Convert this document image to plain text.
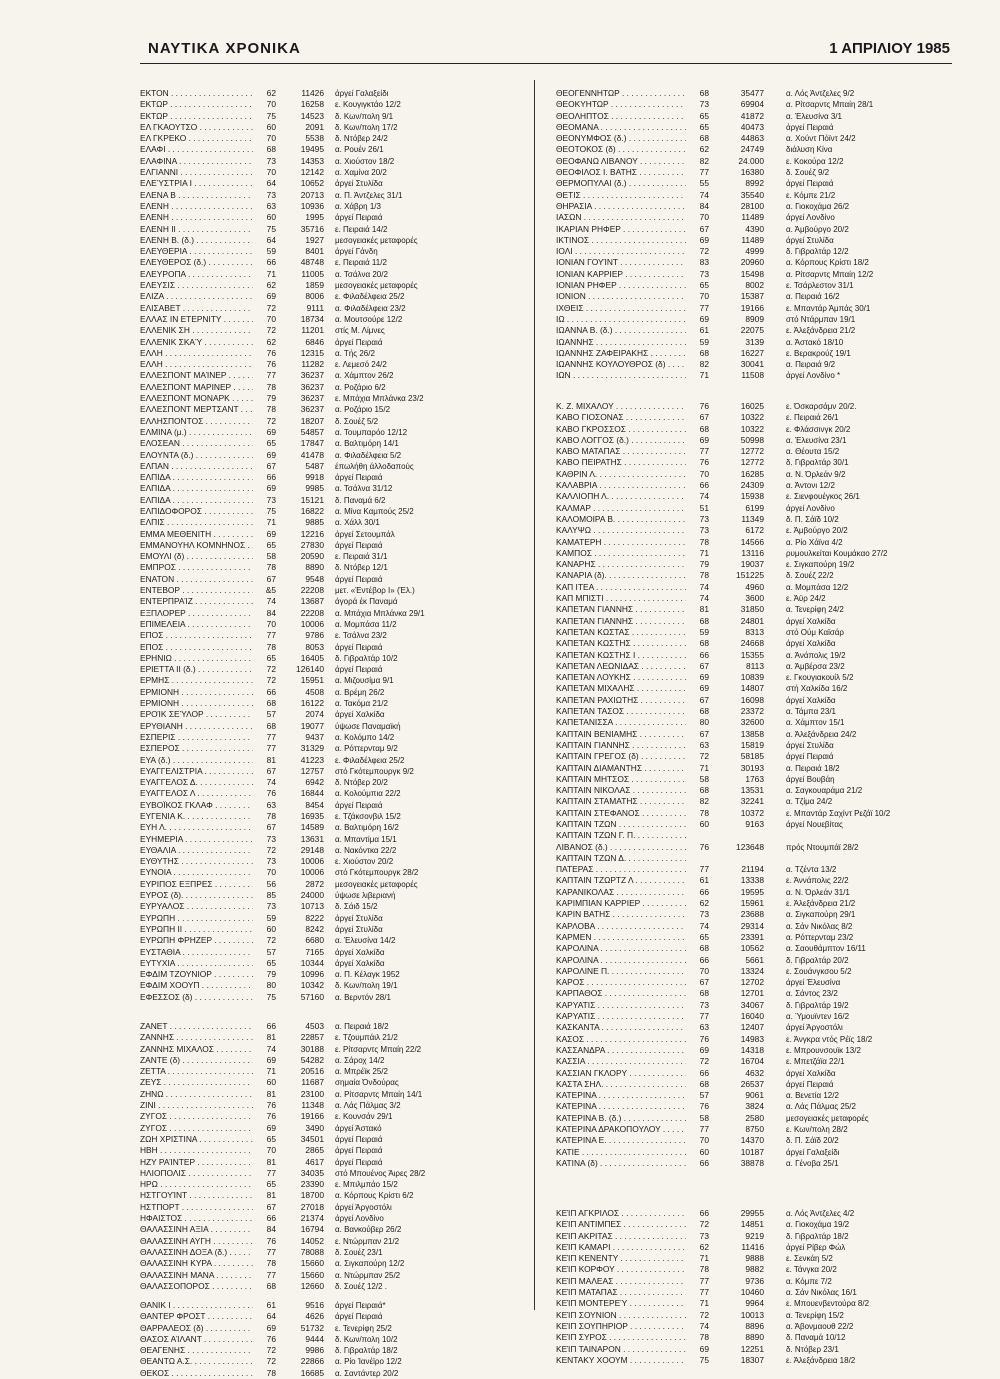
ΝΑΥΤΙΚΑ ΧΡΟΝΙΚΑ	1 ΑΠΡΙΛΙΟΥ 1985
ΕΚΤΟΝ . . .	62	11426 άργεί Γαλαξείδι
ΕΚΤΩΡ . . .	70	16258 ε. Κουγιγκτάο 12/2
ΕΚΤΩΡ . . .	75	14523 δ. Κων/πολη 9/1
ΕΛ ΓΚΑΟΥΤΣΟ . . .	60	2091 δ. Κων/πολη 17/2
ΕΛ ΓΚΡΕΚΟ . . .	70	5538 δ. Ντόβερ 24/2
ΕΛΑΦΙ . . .	68	19495 α. Ρουέν 26/1
ΕΛΑΦΙΝΑ . . .	73	14353 α. Χιούστον 18/2
ΕΛΓΙΑΝΝΙ . . .	70	12142 α. Χαμίνα 20/2
ΕΛΕΎΣΤΡΙΑ Ι . . .	64	10652 άργεί Στυλίδα
ΕΛΕΝΑ Β . . .	73	20713 α. Π. Άντζελες 31/1
ΕΛΕΝΗ . . .	63	10936 α. Χάβρη 1/3
ΕΛΕΝΗ . . .	60	1995 άργεί Πειραιά
ΕΛΕΝΗ ΙΙ . . .	75	35716 ε. Πειραιά 14/2
ΕΛΕΝΗ Β. (δ.) . . .	64	1927 μεσογειακές μεταφορές
ΕΛΕΥΘΕΡΙΑ . . .	59	8401 άργεί Γάνδη
ΕΛΕΥΘΕΡΟΣ (δ.) . . .	66	48748 ε. Πειραιά 11/2
ΕΛΕΥΡΟΠΑ . . .	71	11005 α. Τσάλνα 20/2
ΕΛΕΥΣΙΣ . . .	62	1859 μεσογειακές μεταφορές
ΕΛΙΖΑ . . .	69	8006 ε. Φιλαδέλφεια 25/2
ΕΛΙΣΑΒΕΤ . . .	72	9111 α. Φιλαδέλφεια 23/2
ΕΛΛΑΣ ΙΝ ΕΤΕΡΝΙΤΥ . . .	70	18734 α. Μουτσούρε 12/2
ΕΛΛΕΝΙΚ ΣΗ . . .	72	11201 στίς Μ. Λίμνες
ΕΛΛΕΝΙΚ ΣΚΑΎ . . .	62	6846 άργεί Πειραιά
ΕΛΛΗ . . .	76	12315 α. Τής 26/2
ΕΛΛΗ . . .	76	11282 ε. Λεμεσό 24/2
ΕΛΛΕΣΠΟΝΤ ΜΑΊΝΕΡ . . .	77	36237 α. Χάμπτον 26/2
ΕΛΛΕΣΠΟΝΤ ΜΑΡΙΝΕΡ . . .	78	36237 α. Ροζάριο 6/2
ΕΛΛΕΣΠΟΝΤ ΜΟΝΑΡΚ . . .	79	36237 ε. Μπάχια Μπλάνκα 23/2
ΕΛΛΕΣΠΟΝΤ ΜΕΡΤΣΑΝΤ . . .	78	36237 α. Ροζάριο 15/2
ΕΛΛΗΣΠΟΝΤΟΣ . . .	72	18207 δ. Σουέζ 5/2
ΕΛΜΙΝΑ (μ.) . . .	69	54857 α. Τουμπαρόο 12/12
ΕΛΟΣΕΑΝ . . .	65	17847 α. Βαλτιμόρη 14/1
ΕΛΟΥΝΤΑ (δ.) . . .	69	41478 α. Φιλαδέλφεια 5/2
ΕΛΠΑΝ . . .	67	5487 έπωλήθη άλλοδαπούς
ΕΛΠΙΔΑ . . .	66	9918 άργεί Πειραιά
ΕΛΠΙΔΑ . . .	69	9985 α. Τσάλνα 31/12
ΕΛΠΙΔΑ . . .	73	15121 δ. Παναμά 6/2
ΕΛΠΙΔΟΦΟΡΟΣ . . .	75	16822 α. Μίνα Καμπούς 25/2
ΕΛΠΙΣ . . .	71	9885 α. Χάλλ 30/1
ΕΜΜΑ ΜΕΘΕΝΙΤΗ . . .	69	12216 άργεί Σετουμπάλ
ΕΜΜΑΝΟΥΗΛ ΚΟΜΝΗΝΟΣ . . .	65	27830 άργεί Πειραιά
ΕΜΟΥΛΙ (δ) . . .	58	20590 ε. Πειραιά 31/1
ΕΜΠΡΟΣ . . .	78	8890 δ. Ντόβερ 12/1
ΕΝΑΤΟΝ . . .	67	9548 άργεί Πειραιά
ΕΝΤΕΒΟΡ . . .	&5	22208 μετ. «Έντέβορ Ι» (Έλ.)
ΕΝΤΕΡΠΡΑΊΖ . . .	74	13687 άγορά έκ Παναμά
ΕΞΠΛΟΡΕΡ . . .	84	22208 α. Μπάχια Μπλάνκα 29/1
ΕΠΙΜΕΛΕΙΑ . . .	70	10006 α. Μομπάσα 11/2
ΕΠΟΣ . . .	77	9786 ε. Τσάλνα 23/2
ΕΠΟΣ . . .	78	8053 άργεί Πειραιά
ΕΡΗΝΙΩ . . .	65	16405 δ. Γιβραλτάρ 10/2
ΕΡΙΕΤΤΑ ΙΙ (δ.) . . .	72	126140 άργεί Πειραιά
ΕΡΜΗΣ . . .	72	15951 α. Μιζουσίμα 9/1
ΕΡΜΙΟΝΗ . . .	66	4508 α. Βρέμη 26/2
ΕΡΜΙΟΝΗ . . .	68	16122 α. Τακόμα 21/2
ΕΡΟΊΚ ΣΕΎΛΟΡ . . .	57	2074 άργεί Χαλκίδα
ΕΡΥΘΙΑΝΗ . . .	68	19077 ύψωσε Παναμαϊκή
ΕΣΠΕΡΙΣ . . .	77	9437 α. Κολόμπο 14/2
ΕΣΠΕΡΟΣ . . .	77	31329 α. Ρόττερνταμ 9/2
ΕΥΑ (δ.) . . .	81	41223 ε. Φιλαδέλφεια 25/2
ΕΥΑΓΓΕΛΙΣΤΡΙΑ . . .	67	12757 στό Γκότεμπουργκ 9/2
ΕΥΑΓΓΕΛΟΣ Δ. . . .	74	6942 δ. Ντόβερ 20/2
ΕΥΑΓΓΕΛΟΣ Λ . . .	76	16844 α. Κολούμπια 22/2
ΕΥΒΟΪΚΟΣ ΓΚΛΑΦ . . .	63	8454 άργεί Πειραιά
ΕΥΓΕΝΙΑ Κ. . . .	78	16935 ε. Τζάκσονβιλ 15/2
ΕΥΗ Λ. . . .	67	14589 α. Βαλτιμόρη 16/2
ΕΥΗΜΕΡΙΑ . . .	73	13631 α. Μπαντίμα 15/1
ΕΥΘΑΛΙΑ . . .	72	29148 α. Νακόντκα 22/2
ΕΥΘΥΤΗΣ . . .	73	10006 ε. Χιούστον 20/2
ΕΥΝΟΙΑ . . .	70	10006 στό Γκότεμπουργκ 28/2
ΕΥΡΙΠΟΣ ΕΞΠΡΕΣ . . .	56	2872 μεσογειακές μεταφορές
ΕΥΡΟΣ (δ). . . .	85	24000 ύψωσε λιβεριανή
ΕΥΡΥΑΛΟΣ . . .	73	10713 δ. Σάιδ 15/2
ΕΥΡΩΠΗ . . .	59	8222 άργεί Στυλίδα
ΕΥΡΩΠΗ ΙΙ . . .	60	8242 άργεί Στυλίδα
ΕΥΡΩΠΗ ΦΡΗΖΕΡ . . .	72	6680 α. Έλευσίνα 14/2
ΕΥΣΤΑΘΙΑ . . .	57	7165 άργεί Χαλκίδα
ΕΥΤΥΧΙΑ . . .	65	10344 άργεί Χαλκίδα
ΕΦΔΙΜ ΤΖΟΥΝΙΟΡ . . .	79	10996 α. Π. Κέλαγκ 1952
ΕΦΔΙΜ ΧΟΟΥΠ . . .	80	10342 δ. Κων/πολη 19/1
ΕΦΕΣΣΟΣ (δ) . . .	75	57160 α. Βερντόν 28/1
ΖΑΝΕΤ . . .	66	4503 α. Πειραιά 18/2
ΖΑΝΝΗΣ . . .	81	22857 ε. Τζουμπάιλ 21/2
ΖΑΝΝΗΣ ΜΙΧΑΛΟΣ . . .	74	30188 ε. Ρίτσαρντς Μπαίη 22/2
ΖΑΝΤΕ (δ) . . .	69	54282 α. Σάροχ 14/2
ΖΕΤΤΑ . . .	71	20516 α. Μπρέϊκ 25/2
ΖΕΥΣ . . .	60	11687 σημαία Όνδούρας
ΖΗΝΩ . . .	81	23100 α. Ρίτσαρντς Μπαίη 14/1
ΖΙΝΙ . . .	76	11348 α. Λάς Πάλμας 3/2
ΖΥΓΟΣ . . .	76	19166 ε. Κουνσάν 29/1
ΖΥΓΟΣ . . .	69	3490 άργεί Άστακό
ΖΩΗ ΧΡΙΣΤΙΝΑ . . .	65	34501 άργεί Πειραιά
ΗΒΗ . . .	70	2865 άργεί Πειραιά
ΗΖΥ ΡΑΊΝΤΕΡ . . .	81	4617 άργεί Πειραιά
ΗΛΙΟΠΟΛΙΣ . . .	77	34035 στό Μπουένος Άιρες 28/2
ΗΡΩ . . .	65	23390 ε. Μπιλμπάο 15/2
ΗΣΤΓΟΥΊΝΤ . . .	81	18700 α. Κόρπους Κρίστι 6/2
ΗΣΤΠΟΡΤ . . .	67	27018 άργεί Άργοστόλι
ΗΦΑΙΣΤΟΣ . . .	66	21374 άργεί Λονδίνο
ΘΑΛΑΣΣΙΝΗ ΑΞΙΑ . . .	84	16794 α. Βανκούβερ 26/2
ΘΑΛΑΣΣΙΝΗ ΑΥΓΗ . . .	76	14052 ε. Ντώρμπαν 21/2
ΘΑΛΑΣΣΙΝΗ ΔΟΞΑ (δ.) . . .	77	78088 δ. Σουέζ 23/1
ΘΑΛΑΣΣΙΝΗ ΚΥΡΑ . . .	78	15660 α. Σιγκαπούρη 12/2
ΘΑΛΑΣΣΙΝΗ ΜΑΝΑ . . .	77	15660 α. Ντώρμπαν 25/2
ΘΑΛΑΣΣΟΠΟΡΟΣ . . .	68	12660 δ. Σουέζ 12/2 .
ΘΑΝΙΚ Ι . . .	61	9516 άργεί Πειραιά*
ΘΑΝΤΕΡ ΦΡΟΣΤ . . .	64	4626 άργεί Πειραιά
ΘΑΡΡΑΛΕΟΣ (δ) . . .	69	51732 ε. Τενερίφη 25/2
ΘΑΣΟΣ ΑΊΛΑΝΤ . . .	76	9444 δ. Κων/πολη 10/2
ΘΕΑΓΕΝΗΣ . . .	72	9986 δ. Γιβραλτάρ 18/2
ΘΕΑΝΤΩ Α.Σ. . . .	72	22866 α. Ρίο Ίανέϊρο 12/2
ΘΕΚΟΣ . . .	78	16685 α. Σαντάντερ 20/2
ΘΕΟΓΕΝΝΗΤΩΡ . . .	68	35477	α. Λός Άντζελες 9/2
ΘΕΟΚΥΗΤΩΡ . . .	73	69904	α. Ρίτσαρντς Μπαίη 28/1
ΘΕΟΛΗΠΤΟΣ . . .	65	41872	α. Έλευσίνα 3/1
ΘΕΟΜΑΝΑ . . .	65	40473	άργεί Πειραιά
ΘΕΟΝΥΜΦΟΣ (δ.) . . .	68	44863	α. Χούντ Πόϊντ 24/2
ΘΕΟΤΟΚΟΣ (δ) . . .	62	24749	διάλυση Κίνα
ΘΕΟΦΑΝΩ ΛΙΒΑΝΟΥ . . .	82	24.000	ε. Κοκούρα 12/2
ΘΕΟΦΙΛΟΣ Ι. ΒΑΤΗΣ . . .	77	16380	δ. Σουέζ 9/2
ΘΕΡΜΟΠΥΛΑΙ (δ.) . . .	55	8992	άργεί Πειραιά
ΘΕΤΙΣ . . .	74	35540	ε. Κόμπε 21/2
ΘΗΡΑΣΙΑ . . .	84	28100	α. Γιοκοχάμα 26/2
ΙΑΣΩΝ . . .	70	11489	άργεί Λονδίνο
ΙΚΑΡΙΑΝ ΡΗΦΕΡ . . .	67	4390	α. Άμβούργο 20/2
ΙΚΤΙΝΟΣ . . .	69	11489	άργεί Στυλίδα
ΙΟΛΙ . . .	72	4999	δ. Γιβραλτάρ 12/2
ΙΟΝΙΑΝ ΓΟΥΊΝΤ . . .	83	20960	α. Κόρπους Κρίστι 18/2
ΙΟΝΙΑΝ ΚΑΡΡΙΕΡ . . .	73	15498	α. Ρίτσαρντς Μπαίη 12/2
ΙΟΝΙΑΝ ΡΗΦΕΡ . . .	65	8002	ε. Τσάρλεστον 31/1
ΙΟΝΙΟΝ . . .	70	15387	α. Πειραιά 16/2
ΙΧΘΕΙΣ . . .	77	19166	ε. Μπαντάρ Άμπάς 30/1
ΙΩ . . .	69	8909	στό Ντάρμπαν 19/1
ΙΩΑΝΝΑ Β. (δ.) . . .	61	22075	ε. Άλεξάνδρεια 21/2
ΙΩΑΝΝΗΣ . . .	59	3139	α. Άστακό 18/10
ΙΩΑΝΝΗΣ ΖΑΦΕΙΡΑΚΗΣ . . .	68	16227	ε. Βερακρούζ 19/1
ΙΩΑΝΝΗΣ ΚΟΥΛΟΥΘΡΟΣ (δ) . . .	82	30041	α. Πειραιά 9/2
ΙΩΝ . . .	71	11508	άργεί Λονδίνο *
Κ. Ζ. ΜΙΧΑΛΟΥ . . .	76	16025	ε. Όσκαρσάμν 20/2.
ΚΑΒΟ ΓΙΟΣΟΝΑΣ . . .	67	10322	ε. Πειραιά 26/1
ΚΑΒΟ ΓΚΡΟΣΣΟΣ . . .	68	10322	ε. Φλάσσινγκ 20/2
ΚΑΒΟ ΛΟΓΓΟΣ (δ.) . . .	69	50998	α. Έλευσίνα 23/1
ΚΑΒΟ ΜΑΤΑΠΑΣ . . .	77	12772	α. Θέουτα 15/2
ΚΑΒΟ ΠΕΙΡΑΤΗΣ . . .	76	12772	δ. Γιβραλτάρ 30/1
ΚΑΘΡΙΝ Λ. . . .	70	16285	α. Ν. Όρλεάν 9/2
ΚΑΛΑΒΡΙΑ . . .	66	24309	α. Άντονι 12/2
ΚΑΛΛΙΟΠΗ Λ. . . .	74	15938	ε. Σιενφουέγκος 26/1
ΚΑΛΜΑΡ . . .	51	6199	άργεί Λονδίνο
ΚΑΛΟΜΟΙΡΑ Β. . . .	73	11349	δ. Π. Σάϊδ 10/2
ΚΑΛΥΨΩ . . .	73	6172	ε. Άμβούργο 20/2
ΚΑΜΑΤΕΡΗ . . .	78	14566	α. Ρίο Χάϊνα 4/2
ΚΑΜΠΟΣ . . .	71	13116	ρυμουλκείται Κουμάκαο 27/2
ΚΑΝΑΡΗΣ . . .	79	19037	ε. Σιγκαπούρη 19/2
ΚΑΝΑΡΙΑ (δ). . . .	78	151225	δ. Σουέζ 22/2
ΚΑΠ ΙΤΕΑ . . .	74	4960	α. Μομπάσα 12/2
ΚΑΠ ΜΠΙΣΤΙ . . .	74	3600	ε. Άϋρ 24/2
ΚΑΠΕΤΑΝ ΓΙΑΝΝΗΣ . . .	81	31850	α. Τενερίφη 24/2
ΚΑΠΕΤΑΝ ΓΙΑΝΝΗΣ . . .	68	24801	άργεί Χαλκίδα
ΚΑΠΕΤΑΝ ΚΩΣΤΑΣ . . .	59	8313	στό Ούμ Καϊσάρ
ΚΑΠΕΤΑΝ ΚΩΣΤΗΣ . . .	68	24668	άργεί Χαλκίδα
ΚΑΠΕΤΑΝ ΚΩΣΤΗΣ Ι . . .	66	15355	α. Άνάπολις 19/2
ΚΑΠΕΤΑΝ ΛΕΩΝΙΔΑΣ . . .	67	8113	α. Άμβέρσα 23/2
ΚΑΠΕΤΑΝ ΛΟΥΚΗΣ . . .	69	10839	ε. Γκουγιακουίλ 5/2
ΚΑΠΕΤΑΝ ΜΙΧΑΛΗΣ . . .	69	14807	στή Χαλκίδα 16/2
ΚΑΠΕΤΑΝ ΡΑΧΙΩΤΗΣ . . .	67	16098	άργεί Χαλκίδα
ΚΑΠΕΤΑΝ ΤΑΣΟΣ . . .	68	23372	α. Τάμπα 23/1
ΚΑΠΕΤΑΝΙΣΣΑ . . .	80	32600	α. Χάμπτον 15/1
ΚΑΠΤΑΙΝ ΒΕΝΙΑΜΗΣ . . .	67	13858	α. Άλεξάνδρεια 24/2
ΚΑΠΤΑΙΝ ΓΙΑΝΝΗΣ . . .	63	15819	άργεί Στυλίδα
ΚΑΠΤΑΙΝ ΓΡΕΓΟΣ (δ) . . .	72	58185	άργεί Πειραιά
ΚΑΠΤΑΙΝ ΔΙΑΜΑΝΤΗΣ . . .	71	30193	α. Πειραιά 18/2
ΚΑΠΤΑΙΝ ΜΗΤΣΟΣ . . .	58	1763	άργεί Βουβάη
ΚΑΠΤΑΙΝ ΝΙΚΟΛΑΣ . . .	68	13531	α. Σαγκουαράμα 21/2
ΚΑΠΤΑΙΝ ΣΤΑΜΑΤΗΣ . . .	82	32241	α. Τζίμα 24/2
ΚΑΠΤΑΙΝ ΣΤΕΦΑΝΟΣ . . .	78	10372	ε. Μπαντάρ Σαχίντ Ρεζάϊ 10/2
ΚΑΠΤΑΙΝ ΤΖΩΝ . . .	60	9163	άργεί Νουεβίτας
ΚΑΠΤΑΙΝ ΤΖΩΝ Γ. Π. . . .
ΛΙΒΑΝΟΣ (δ.) . . .	76	123648	πρός Ντουμπάϊ 28/2
ΚΑΠΤΑΙΝ ΤΖΩΝ Δ. . . .
ΠΑΤΕΡΑΣ . . .	77	21194	α. Τζέντα 13/2
ΚΑΠΤΑΙΝ ΤΖΩΡΤΖ Λ . . .	61	13338	ε. Άννάπολις 22/2
ΚΑΡΑΝΙΚΟΛΑΣ . . .	66	19595	α. Ν. Όρλεάν 31/1
ΚΑΡΙΜΠΙΑΝ ΚΑΡΡΙΕΡ . . .	62	15961	ε. Άλεξάνδρεια 21/2
ΚΑΡΙΝ ΒΑΤΗΣ . . .	73	23688	α. Σιγκαπούρη 29/1
ΚΑΡΛΟΒΑ . . .	74	29314	α. Σάν Νικόλας 8/2
ΚΑΡΜΕΝ . . .	65	23391	α. Ρόττερνταμ 23/2
ΚΑΡΟΛΙΝΑ . . .	68	10562	α. Σαουθάμπτον 16/11
ΚΑΡΟΛΙΝΑ . . .	66	5661	δ. Γιβραλτάρ 20/2
ΚΑΡΟΛΙΝΕ Π. . . .	70	13324	ε. Σουάνγκσου 5/2
ΚΑΡΟΣ . . .	67	12702	άργεί Έλευσίνα
ΚΑΡΠΑΘΟΣ . . .	68	12701	α. Σάντος 23/2
ΚΑΡΥΑΤΙΣ . . .	73	34067	δ. Γιβραλτάρ 19/2
ΚΑΡΥΑΤΙΣ . . .	77	16040	α. Ύμουϊντεν 16/2
ΚΑΣΚΑΝΤΑ . . .	63	12407	άργεί Άργοστόλι
ΚΑΣΟΣ . . .	76	14983	ε. Άνγκρα ντός Ρέϊς 18/2
ΚΑΣΣΑΝΔΡΑ . . .	69	14318	ε. Μπρουνσουϊκ 13/2
ΚΑΣΣΙΑ . . .	72	16704	ε. Μπετζάϊα 22/1
ΚΑΣΣΙΑΝ ΓΚΛΟΡΥ . . .	66	4632	άργεί Χαλκίδα
ΚΑΣΤΑ ΣΗΛ. . . .	68	26537	άργεί Πειραιά
ΚΑΤΕΡΙΝΑ . . .	57	9061	α. Βενετία 12/2
ΚΑΤΕΡΙΝΑ . . .	76	3824	α. Λάς Πάλμας 25/2
ΚΑΤΕΡΙΝΑ Β. (δ.) . . .	58	2580	μεσογειακές μεταφορές
ΚΑΤΕΡΙΝΑ ΔΡΑΚΟΠΟΥΛΟΥ . . .	77	8750	ε. Κων/πολη 28/2
ΚΑΤΕΡΙΝΑ Ε. . . .	70	14370	δ. Π. Σάϊδ 20/2
ΚΑΤΙΕ . . .	60	10187	άργεί Γαλαξείδι
ΚΑΤΙΝΑ (δ) . . .	66	38878	α. Γένοβα 25/1
ΚΕΊΠ ΑΓΚΡΙΛΟΣ . . .	66	29955	α. Λός Άντζελες 4/2
ΚΕΊΠ ΑΝΤΙΜΠΕΣ . . .	72	14851	α. Γιοκοχάμα 19/2
ΚΕΊΠ ΑΚΡΙΤΑΣ . . .	73	9219	δ. Γιβραλτάρ 18/2
ΚΕΊΠ ΚΑΜΑΡΙ . . .	62	11416	άργεί Ρίβερ Φώλ
ΚΕΊΠ ΚΕΝΕΝΤΥ . . .	71	9888	ε. Σενκάη 5/2
ΚΕΊΠ ΚΟΡΦΟΥ . . .	78	9882	ε. Τάνγκα 20/2
ΚΕΊΠ ΜΑΛΕΑΣ . . .	77	9736	α. Κόμπε 7/2
ΚΕΊΠ ΜΑΤΑΠΑΣ . . .	77	10460	α. Σάν Νικόλας 16/1
ΚΕΊΠ ΜΟΝΤΕΡΕΎ . . .	71	9964	ε. Μπουενβεντούρα 8/2
ΚΕΊΠ ΣΟΥΝΙΟΝ . . .	72	10013	α. Τενερίφη 15/2
ΚΕΊΠ ΣΟΥΠΗΡΙΟΡ . . .	74	8896	α. Άβονμαουθ 22/2
ΚΕΊΠ ΣΥΡΟΣ . . .	78	8890	δ. Παναμά 10/12
ΚΕΊΠ ΤΑΙΝΑΡΟΝ . . .	69	12251	δ. Ντόβερ 23/1
ΚΕΝΤΑΚΥ ΧΟΟΥΜ . . .	75	18307	ε. Άλεξάνδρεια 18/2
